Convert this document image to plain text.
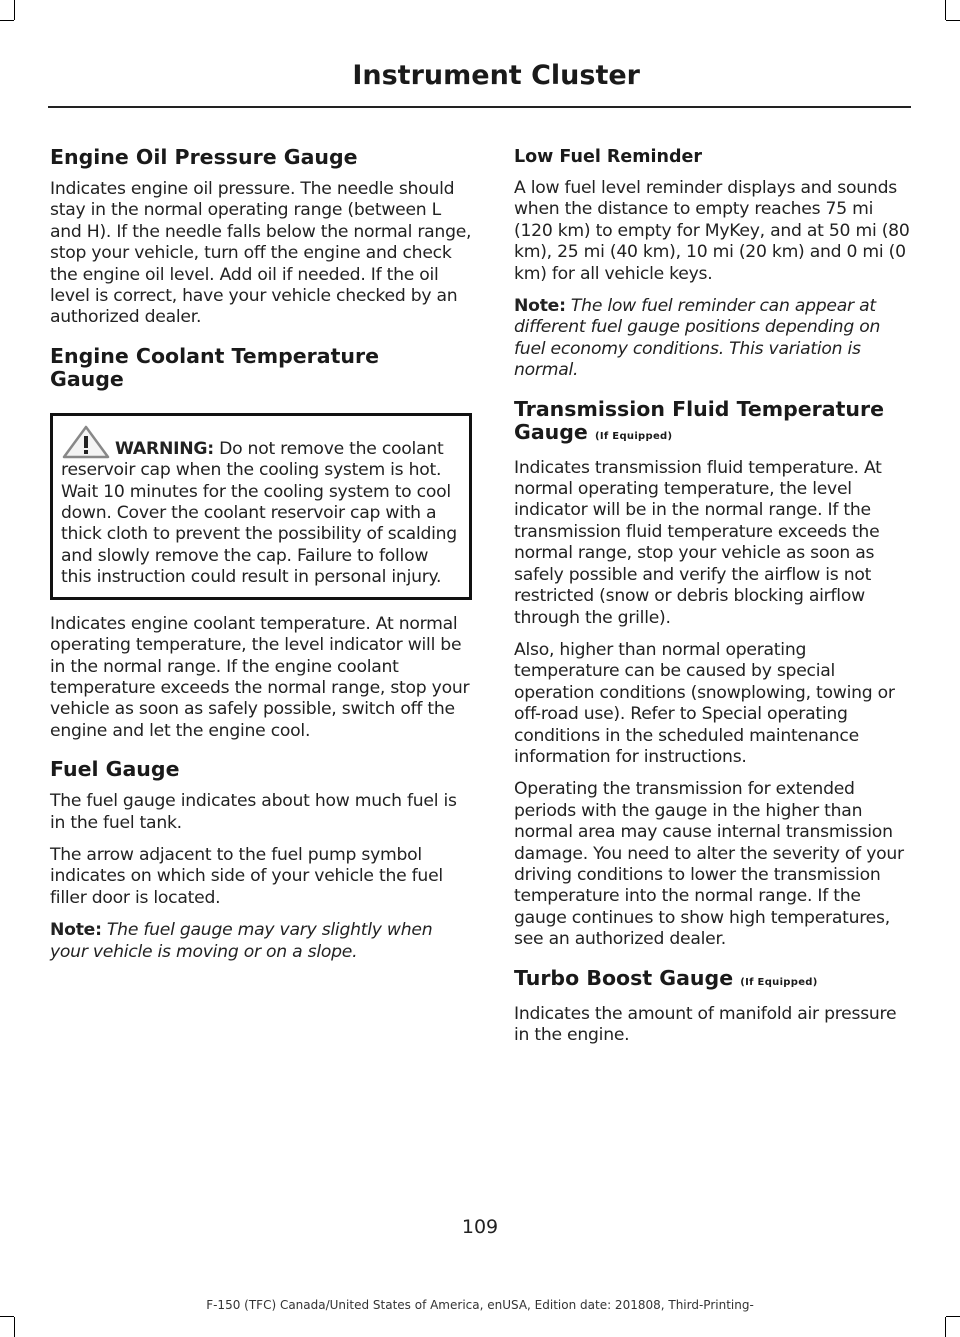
Instrument Cluster
Engine Oil Pressure Gauge

Indicates engine oil pressure. The needle should stay in the normal operating range (between L and H). If the needle falls below the normal range, stop your vehicle, turn off the engine and check the engine oil level. Add oil if needed. If the oil level is correct, have your vehicle checked by an authorized dealer.

Engine Coolant Temperature Gauge

WARNING: Do not remove the coolant reservoir cap when the cooling system is hot. Wait 10 minutes for the cooling system to cool down. Cover the coolant reservoir cap with a thick cloth to prevent the possibility of scalding and slowly remove the cap. Failure to follow this instruction could result in personal injury.

Indicates engine coolant temperature. At normal operating temperature, the level indicator will be in the normal range. If the engine coolant temperature exceeds the normal range, stop your vehicle as soon as safely possible, switch off the engine and let the engine cool.

Fuel Gauge

The fuel gauge indicates about how much fuel is in the fuel tank.

The arrow adjacent to the fuel pump symbol indicates on which side of your vehicle the fuel filler door is located.

Note: The fuel gauge may vary slightly when your vehicle is moving or on a slope.

Low Fuel Reminder

A low fuel level reminder displays and sounds when the distance to empty reaches 75 mi (120 km) to empty for MyKey, and at 50 mi (80 km), 25 mi (40 km), 10 mi (20 km) and 0 mi (0 km) for all vehicle keys.

Note: The low fuel reminder can appear at different fuel gauge positions depending on fuel economy conditions. This variation is normal.

Transmission Fluid Temperature Gauge (If Equipped)

Indicates transmission fluid temperature. At normal operating temperature, the level indicator will be in the normal range. If the transmission fluid temperature exceeds the normal range, stop your vehicle as soon as safely possible and verify the airflow is not restricted (snow or debris blocking airflow through the grille).

Also, higher than normal operating temperature can be caused by special operation conditions (snowplowing, towing or off-road use). Refer to Special operating conditions in the scheduled maintenance information for instructions.

Operating the transmission for extended periods with the gauge in the higher than normal area may cause internal transmission damage. You need to alter the severity of your driving conditions to lower the transmission temperature into the normal range. If the gauge continues to show high temperatures, see an authorized dealer.

Turbo Boost Gauge (If Equipped)

Indicates the amount of manifold air pressure in the engine.

109
F-150 (TFC) Canada/United States of America, enUSA, Edition date: 201808, Third-Printing-
